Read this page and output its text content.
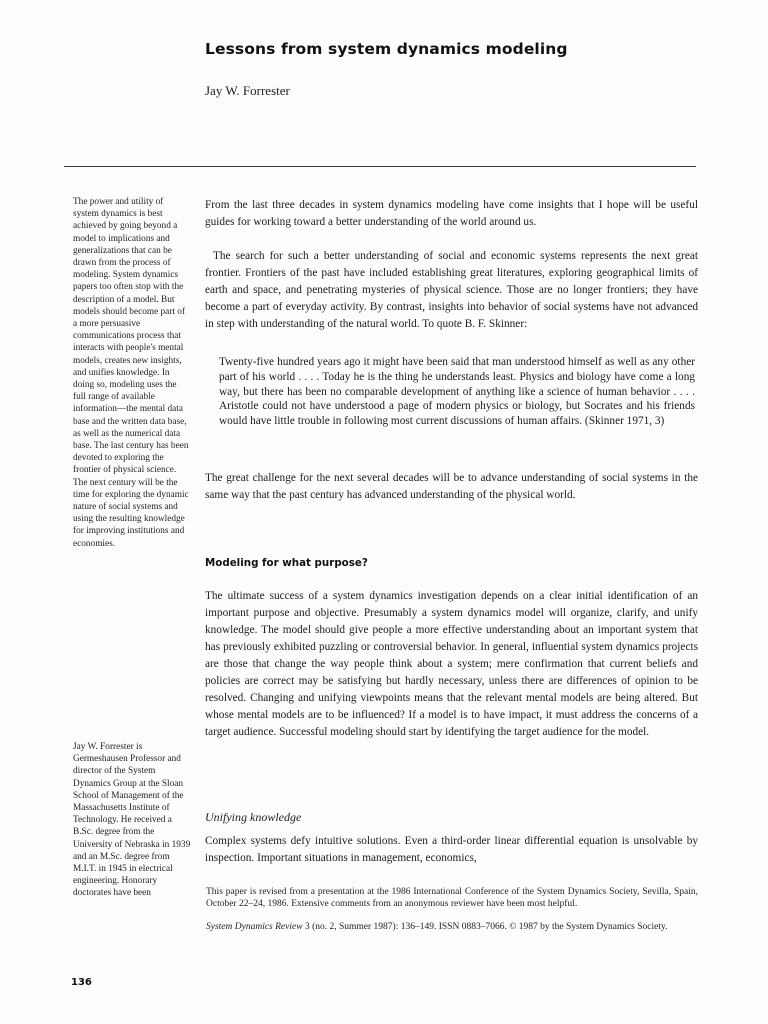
Lessons from system dynamics modeling
Jay W. Forrester

The power and utility of system dynamics is best achieved by going beyond a model to implications and generalizations that can be drawn from the process of modeling. System dynamics papers too often stop with the description of a model. But models should become part of a more persuasive communications process that interacts with people's mental models, creates new insights, and unifies knowledge. In doing so, modeling uses the full range of available information—the mental data base and the written data base, as well as the numerical data base. The last century has been devoted to exploring the frontier of physical science. The next century will be the time for exploring the dynamic nature of social systems and using the resulting knowledge for improving institutions and economies.

Jay W. Forrester is Germeshausen Professor and director of the System Dynamics Group at the Sloan School of Management of the Massachusetts Institute of Technology. He received a B.Sc. degree from the University of Nebraska in 1939 and an M.Sc. degree from M.I.T. in 1945 in electrical engineering. Honorary doctorates have been

From the last three decades in system dynamics modeling have come insights that I hope will be useful guides for working toward a better understanding of the world around us.

The search for such a better understanding of social and economic systems represents the next great frontier. Frontiers of the past have included establishing great literatures, exploring geographical limits of earth and space, and penetrating mysteries of physical science. Those are no longer frontiers; they have become a part of everyday activity. By contrast, insights into behavior of social systems have not advanced in step with understanding of the natural world. To quote B. F. Skinner:

Twenty-five hundred years ago it might have been said that man understood himself as well as any other part of his world . . . . Today he is the thing he understands least. Physics and biology have come a long way, but there has been no comparable development of anything like a science of human behavior . . . . Aristotle could not have understood a page of modern physics or biology, but Socrates and his friends would have little trouble in following most current discussions of human affairs. (Skinner 1971, 3)

The great challenge for the next several decades will be to advance understanding of social systems in the same way that the past century has advanced understanding of the physical world.

Modeling for what purpose?

The ultimate success of a system dynamics investigation depends on a clear initial identification of an important purpose and objective. Presumably a system dynamics model will organize, clarify, and unify knowledge. The model should give people a more effective understanding about an important system that has previously exhibited puzzling or controversial behavior. In general, influential system dynamics projects are those that change the way people think about a system; mere confirmation that current beliefs and policies are correct may be satisfying but hardly necessary, unless there are differences of opinion to be resolved. Changing and unifying viewpoints means that the relevant mental models are being altered. But whose mental models are to be influenced? If a model is to have impact, it must address the concerns of a target audience. Successful modeling should start by identifying the target audience for the model.

Unifying knowledge

Complex systems defy intuitive solutions. Even a third-order linear differential equation is unsolvable by inspection. Important situations in management, economics,

This paper is revised from a presentation at the 1986 International Conference of the System Dynamics Society, Sevilla, Spain, October 22–24, 1986. Extensive comments from an anonymous reviewer have been most helpful.

System Dynamics Review 3 (no. 2, Summer 1987): 136–149. ISSN 0883–7066. © 1987 by the System Dynamics Society.

136
